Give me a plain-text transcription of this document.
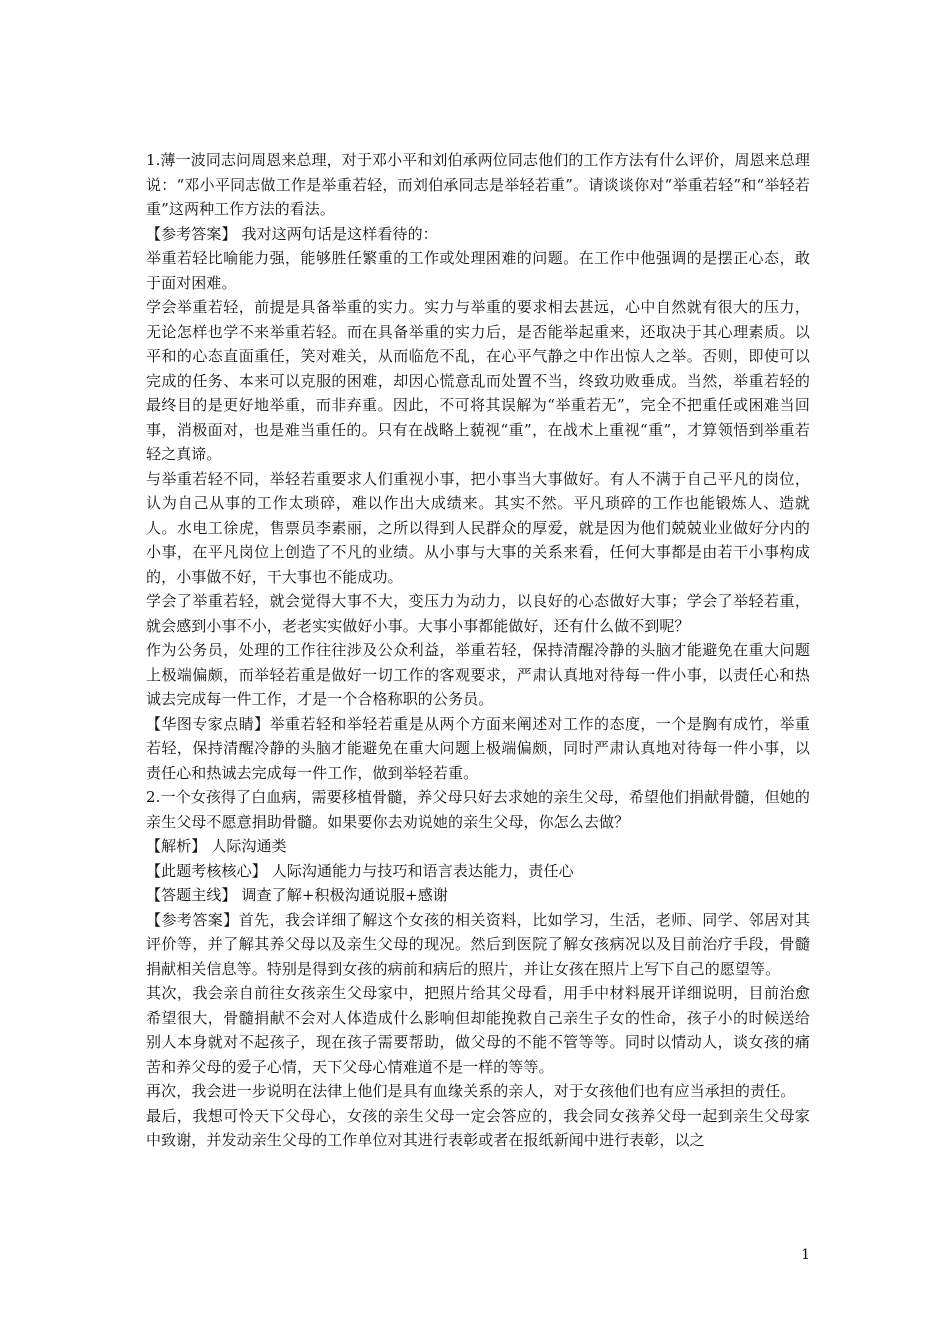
1.薄一波同志问周恩来总理，对于邓小平和刘伯承两位同志他们的工作方法有什么评价，周恩来总理说：“邓小平同志做工作是举重若轻，而刘伯承同志是举轻若重”。请谈谈你对“举重若轻”和“举轻若重”这两种工作方法的看法。

【参考答案】 我对这两句话是这样看待的：

举重若轻比喻能力强，能够胜任繁重的工作或处理困难的问题。在工作中他强调的是摆正心态，敢于面对困难。

学会举重若轻，前提是具备举重的实力。实力与举重的要求相去甚远，心中自然就有很大的压力，无论怎样也学不来举重若轻。而在具备举重的实力后，是否能举起重来，还取决于其心理素质。以平和的心态直面重任，笑对难关，从而临危不乱，在心平气静之中作出惊人之举。否则，即使可以完成的任务、本来可以克服的困难，却因心慌意乱而处置不当，终致功败垂成。当然，举重若轻的最终目的是更好地举重，而非弃重。因此，不可将其误解为“举重若无”，完全不把重任或困难当回事，消极面对，也是难当重任的。只有在战略上藐视“重”，在战术上重视“重”，才算领悟到举重若轻之真谛。

与举重若轻不同，举轻若重要求人们重视小事，把小事当大事做好。有人不满于自己平凡的岗位，认为自己从事的工作太琐碎，难以作出大成绩来。其实不然。平凡琐碎的工作也能锻炼人、造就人。水电工徐虎，售票员李素丽，之所以得到人民群众的厚爱，就是因为他们兢兢业业做好分内的小事，在平凡岗位上创造了不凡的业绩。从小事与大事的关系来看，任何大事都是由若干小事构成的，小事做不好，干大事也不能成功。

学会了举重若轻，就会觉得大事不大，变压力为动力，以良好的心态做好大事；学会了举轻若重，就会感到小事不小，老老实实做好小事。大事小事都能做好，还有什么做不到呢？

作为公务员，处理的工作往往涉及公众利益，举重若轻，保持清醒冷静的头脑才能避免在重大问题上极端偏颇，而举轻若重是做好一切工作的客观要求，严肃认真地对待每一件小事，以责任心和热诚去完成每一件工作，才是一个合格称职的公务员。

【华图专家点睛】举重若轻和举轻若重是从两个方面来阐述对工作的态度，一个是胸有成竹，举重若轻，保持清醒冷静的头脑才能避免在重大问题上极端偏颇，同时严肃认真地对待每一件小事，以责任心和热诚去完成每一件工作，做到举轻若重。

2.一个女孩得了白血病，需要移植骨髓，养父母只好去求她的亲生父母，希望他们捐献骨髓，但她的亲生父母不愿意捐助骨髓。如果要你去劝说她的亲生父母，你怎么去做？

【解析】 人际沟通类

【此题考核核心】 人际沟通能力与技巧和语言表达能力，责任心

【答题主线】 调查了解+积极沟通说服+感谢

【参考答案】首先，我会详细了解这个女孩的相关资料，比如学习，生活，老师、同学、邻居对其评价等，并了解其养父母以及亲生父母的现况。然后到医院了解女孩病况以及目前治疗手段，骨髓捐献相关信息等。特别是得到女孩的病前和病后的照片，并让女孩在照片上写下自己的愿望等。

其次，我会亲自前往女孩亲生父母家中，把照片给其父母看，用手中材料展开详细说明，目前治愈希望很大，骨髓捐献不会对人体造成什么影响但却能挽救自己亲生子女的性命，孩子小的时候送给别人本身就对不起孩子，现在孩子需要帮助，做父母的不能不管等等。同时以情动人，谈女孩的痛苦和养父母的爱子心情，天下父母心情难道不是一样的等等。

再次，我会进一步说明在法律上他们是具有血缘关系的亲人，对于女孩他们也有应当承担的责任。

最后，我想可怜天下父母心，女孩的亲生父母一定会答应的，我会同女孩养父母一起到亲生父母家中致谢，并发动亲生父母的工作单位对其进行表彰或者在报纸新闻中进行表彰，以之

1
